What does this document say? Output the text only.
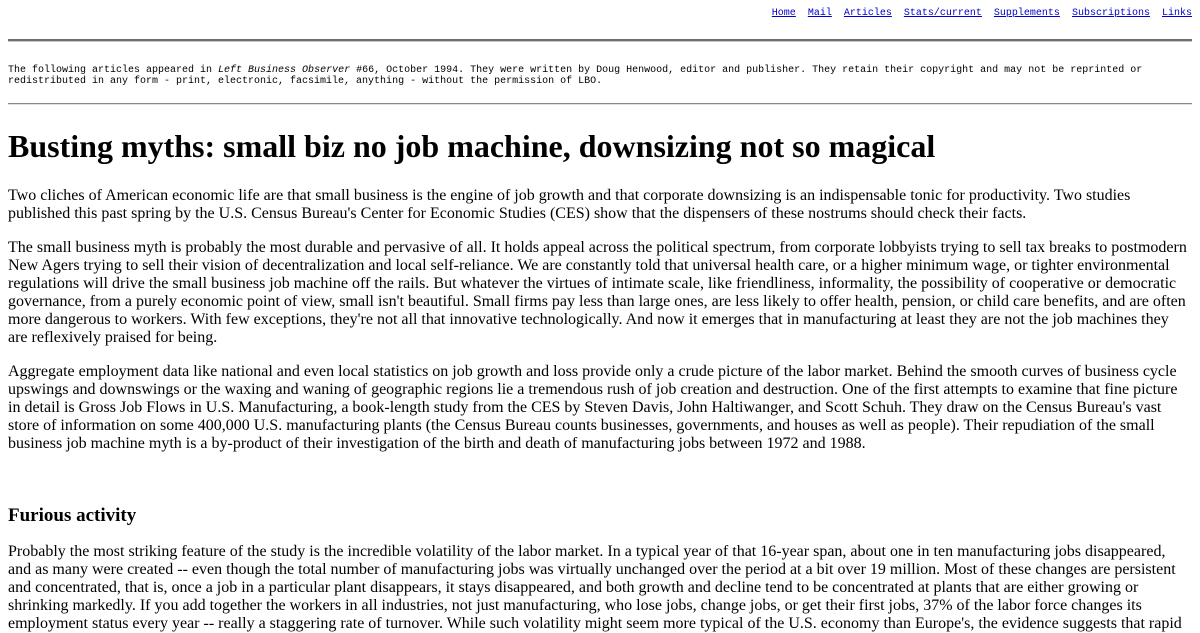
Home Mail Articles Stats/current Supplements Subscriptions Links
The following articles appeared in Left Business Observer #66, October 1994. They were written by Doug Henwood, editor and publisher. They retain their copyright and may not be reprinted or redistributed in any form - print, electronic, facsimile, anything - without the permission of LBO.
Busting myths: small biz no job machine, downsizing not so magical

Two cliches of American economic life are that small business is the engine of job growth and that corporate downsizing is an indispensable tonic for productivity. Two studies published this past spring by the U.S. Census Bureau's Center for Economic Studies (CES) show that the dispensers of these nostrums should check their facts.

The small business myth is probably the most durable and pervasive of all. It holds appeal across the political spectrum, from corporate lobbyists trying to sell tax breaks to postmodern New Agers trying to sell their vision of decentralization and local self-reliance. We are constantly told that universal health care, or a higher minimum wage, or tighter environmental regulations will drive the small business job machine off the rails. But whatever the virtues of intimate scale, like friendliness, informality, the possibility of cooperative or democratic governance, from a purely economic point of view, small isn't beautiful. Small firms pay less than large ones, are less likely to offer health, pension, or child care benefits, and are often more dangerous to workers. With few exceptions, they're not all that innovative technologically. And now it emerges that in manufacturing at least they are not the job machines they are reflexively praised for being.

Aggregate employment data like national and even local statistics on job growth and loss provide only a crude picture of the labor market. Behind the smooth curves of business cycle upswings and downswings or the waxing and waning of geographic regions lie a tremendous rush of job creation and destruction. One of the first attempts to examine that fine picture in detail is Gross Job Flows in U.S. Manufacturing, a book-length study from the CES by Steven Davis, John Haltiwanger, and Scott Schuh. They draw on the Census Bureau's vast store of information on some 400,000 U.S. manufacturing plants (the Census Bureau counts businesses, governments, and houses as well as people). Their repudiation of the small business job machine myth is a by-product of their investigation of the birth and death of manufacturing jobs between 1972 and 1988.

Furious activity

Probably the most striking feature of the study is the incredible volatility of the labor market. In a typical year of that 16-year span, about one in ten manufacturing jobs disappeared, and as many were created -- even though the total number of manufacturing jobs was virtually unchanged over the period at a bit over 19 million. Most of these changes are persistent and concentrated, that is, once a job in a particular plant disappears, it stays disappeared, and both growth and decline tend to be concentrated at plants that are either growing or shrinking markedly. If you add together the workers in all industries, not just manufacturing, who lose jobs, change jobs, or get their first jobs, 37% of the labor force changes its employment status every year -- really a staggering rate of turnover. While such volatility might seem more typical of the U.S. economy than Europe's, the evidence suggests that rapid
